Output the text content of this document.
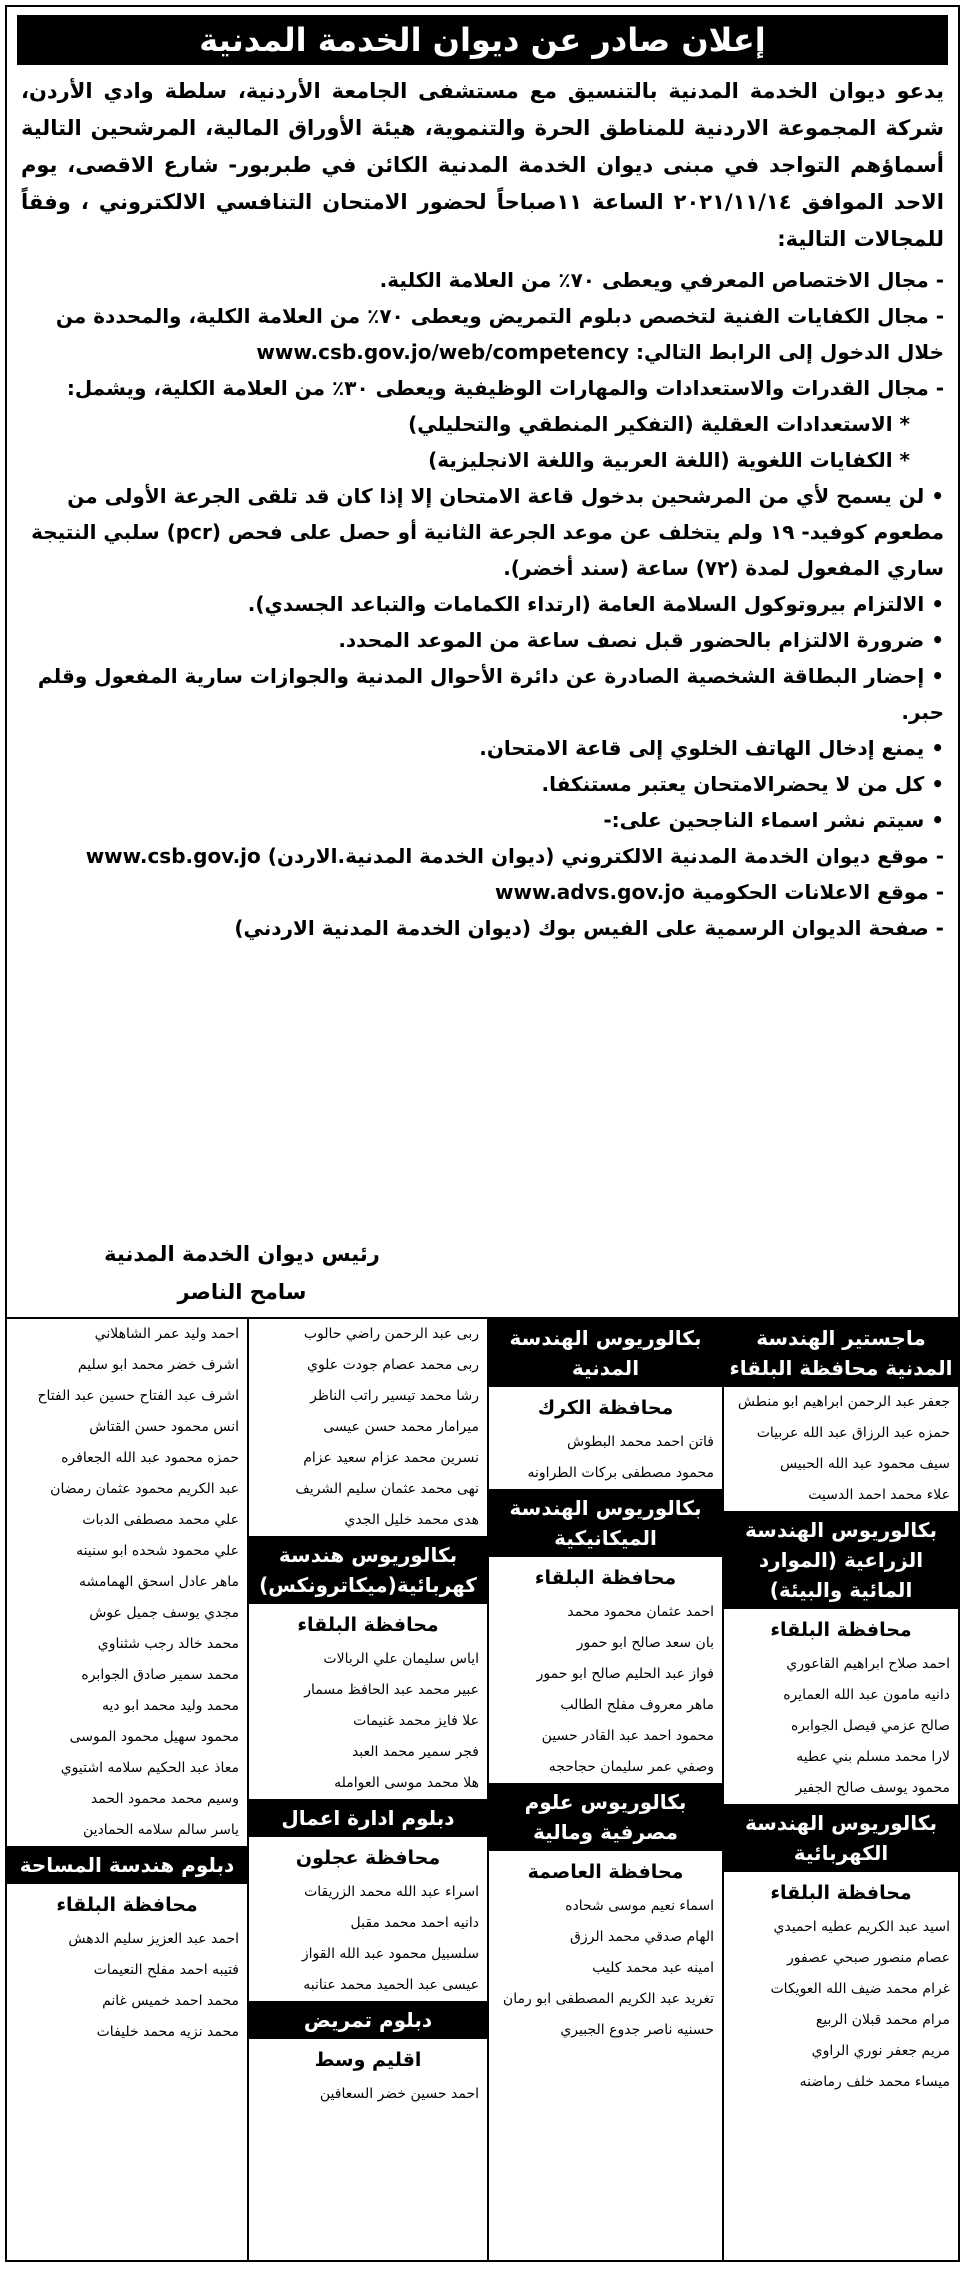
إعلان صادر عن ديوان الخدمة المدنية

يدعو ديوان الخدمة المدنية بالتنسيق مع مستشفى الجامعة الأردنية، سلطة وادي الأردن، شركة المجموعة الاردنية للمناطق الحرة والتنموية، هيئة الأوراق المالية، المرشحين التالية أسماؤهم التواجد في مبنى ديوان الخدمة المدنية الكائن في طبربور- شارع الاقصى، يوم الاحد الموافق ٢٠٢١/١١/١٤ الساعة ١١صباحاً لحضور الامتحان التنافسي الالكتروني ، وفقاً للمجالات التالية:

- مجال الاختصاص المعرفي ويعطى ٧٠٪ من العلامة الكلية.

- مجال الكفايات الفنية لتخصص دبلوم التمريض ويعطى ٧٠٪ من العلامة الكلية، والمحددة من خلال الدخول إلى الرابط التالي: www.csb.gov.jo/web/competency

- مجال القدرات والاستعدادات والمهارات الوظيفية ويعطى ٣٠٪ من العلامة الكلية، ويشمل:

* الاستعدادات العقلية (التفكير المنطقي والتحليلي)

* الكفايات اللغوية (اللغة العربية واللغة الانجليزية)

• لن يسمح لأي من المرشحين بدخول قاعة الامتحان إلا إذا كان قد تلقى الجرعة الأولى من مطعوم كوفيد- ١٩ ولم يتخلف عن موعد الجرعة الثانية أو حصل على فحص (pcr) سلبي النتيجة ساري المفعول لمدة (٧٢) ساعة (سند أخضر).

• الالتزام بيروتوكول السلامة العامة (ارتداء الكمامات والتباعد الجسدي).

• ضرورة الالتزام بالحضور قبل نصف ساعة من الموعد المحدد.

• إحضار البطاقة الشخصية الصادرة عن دائرة الأحوال المدنية والجوازات سارية المفعول وقلم حبر.

• يمنع إدخال الهاتف الخلوي إلى قاعة الامتحان.

• كل من لا يحضرالامتحان يعتبر مستنكفا.

• سيتم نشر اسماء الناجحين على:-

- موقع ديوان الخدمة المدنية الالكتروني (ديوان الخدمة المدنية.الاردن) www.csb.gov.jo

- موقع الاعلانات الحكومية www.advs.gov.jo

- صفحة الديوان الرسمية على الفيس بوك (ديوان الخدمة المدنية الاردني)

رئيس ديوان الخدمة المدنية
سامح الناصر
ماجستير الهندسة المدنية محافظة البلقاء
جعفر عبد الرحمن ابراهيم ابو منطش
حمزه عبد الرزاق عبد الله عربيات
سيف محمود عبد الله الحبيس
علاء محمد احمد الدسيت
بكالوريوس الهندسة الزراعية (الموارد المائية والبيئة)
محافظة البلقاء
احمد صلاح ابراهيم القاعوري
دانيه مامون عبد الله العمايره
صالح عزمي فيصل الجوابره
لارا محمد مسلم بني عطيه
محمود يوسف صالح الجفير
بكالوريوس الهندسة الكهربائية
محافظة البلقاء
اسيد عبد الكريم عطيه احميدي
عصام منصور صبحي عصفور
غرام محمد ضيف الله العويكات
مرام محمد قبلان الربيع
مريم جعفر نوري الراوي
ميساء محمد خلف رماضنه
بكالوريوس الهندسة المدنية
محافظة الكرك
فاتن احمد محمد البطوش
محمود مصطفى بركات الطراونه
بكالوريوس الهندسة الميكانيكية
محافظة البلقاء
احمد عثمان محمود محمد
بان سعد صالح ابو حمور
فواز عبد الحليم صالح ابو حمور
ماهر معروف مفلح الطالب
محمود احمد عبد القادر حسين
وصفي عمر سليمان حجاحجه
بكالوريوس علوم مصرفية ومالية
محافظة العاصمة
اسماء نعيم موسى شحاده
الهام صدقي محمد الرزق
امينه عبد محمد كليب
تغريد عبد الكريم المصطفى ابو رمان
حسنيه ناصر جدوع الجبيري
ربى عبد الرحمن راضي حالوب
ربى محمد عصام جودت علوي
رشا محمد تيسير راتب الناظر
ميرامار محمد حسن عيسى
نسرين محمد عزام سعيد عزام
نهى محمد عثمان سليم الشريف
هدى محمد خليل الجدي
بكالوريوس هندسة كهربائية(ميكاترونكس)
محافظة البلقاء
اياس سليمان علي الربالات
عبير محمد عبد الحافظ مسمار
علا فايز محمد غنيمات
فجر سمير محمد العبد
هلا محمد موسى العوامله
دبلوم ادارة اعمال
محافظة عجلون
اسراء عبد الله محمد الزريقات
دانيه احمد محمد مقبل
سلسبيل محمود عبد الله القواز
عيسى عبد الحميد محمد عنانبه
دبلوم تمريض
اقليم وسط
احمد حسين خضر السعافين
احمد وليد عمر الشاهلاني
اشرف خضر محمد ابو سليم
اشرف عبد الفتاح حسين عبد الفتاح
انس محمود حسن القتاش
حمزه محمود عبد الله الجعافره
عبد الكريم محمود عثمان رمضان
علي محمد مصطفى الدبات
علي محمود شحده ابو سنينه
ماهر عادل اسحق الهمامشه
مجدي يوسف جميل عوش
محمد خالد رجب شثناوي
محمد سمير صادق الجوابره
محمد وليد محمد ابو ديه
محمود سهيل محمود الموسى
معاذ عبد الحكيم سلامه اشتيوي
وسيم محمد محمود الحمد
ياسر سالم سلامه الحمادين
دبلوم هندسة المساحة
محافظة البلقاء
احمد عبد العزيز سليم الدهش
فتيبه احمد مفلح النعيمات
محمد احمد خميس غانم
محمد نزيه محمد خليفات
